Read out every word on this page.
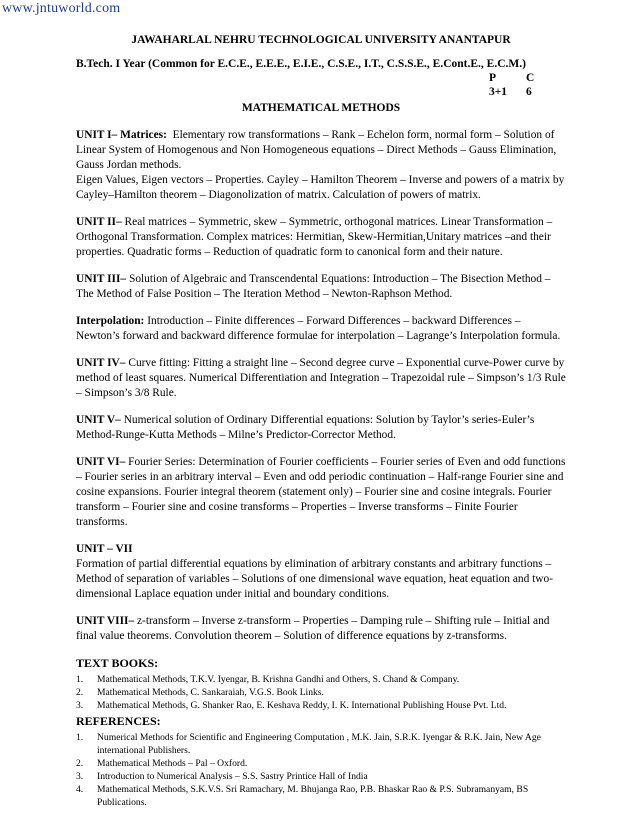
www.jntuworld.com
JAWAHARLAL NEHRU TECHNOLOGICAL UNIVERSITY ANANTAPUR
B.Tech. I Year (Common for E.C.E., E.E.E., E.I.E., C.S.E., I.T., C.S.S.E., E.Cont.E., E.C.M.)
P	C
3+1 6
MATHEMATICAL METHODS

UNIT I– Matrices: Elementary row transformations – Rank – Echelon form, normal form – Solution of Linear System of Homogenous and Non Homogeneous equations – Direct Methods – Gauss Elimination, Gauss Jordan methods.

Eigen Values, Eigen vectors – Properties. Cayley – Hamilton Theorem – Inverse and powers of a matrix by Cayley–Hamilton theorem – Diagonolization of matrix. Calculation of powers of matrix.

UNIT II– Real matrices – Symmetric, skew – Symmetric, orthogonal matrices. Linear Transformation – Orthogonal Transformation. Complex matrices: Hermitian, Skew-Hermitian,Unitary matrices –and their properties. Quadratic forms – Reduction of quadratic form to canonical form and their nature.

UNIT III– Solution of Algebraic and Transcendental Equations: Introduction – The Bisection Method – The Method of False Position – The Iteration Method – Newton-Raphson Method.

Interpolation: Introduction – Finite differences – Forward Differences – backward Differences – Newton’s forward and backward difference formulae for interpolation – Lagrange’s Interpolation formula.

UNIT IV– Curve fitting: Fitting a straight line – Second degree curve – Exponential curve-Power curve by method of least squares. Numerical Differentiation and Integration – Trapezoidal rule – Simpson’s 1/3 Rule – Simpson’s 3/8 Rule.

UNIT V– Numerical solution of Ordinary Differential equations: Solution by Taylor’s series-Euler’s Method-Runge-Kutta Methods – Milne’s Predictor-Corrector Method.

UNIT VI– Fourier Series: Determination of Fourier coefficients – Fourier series of Even and odd functions – Fourier series in an arbitrary interval – Even and odd periodic continuation – Half-range Fourier sine and cosine expansions. Fourier integral theorem (statement only) – Fourier sine and cosine integrals. Fourier transform – Fourier sine and cosine transforms – Properties – Inverse transforms – Finite Fourier transforms.

UNIT – VII

Formation of partial differential equations by elimination of arbitrary constants and arbitrary functions – Method of separation of variables – Solutions of one dimensional wave equation, heat equation and two-dimensional Laplace equation under initial and boundary conditions.

UNIT VIII– z-transform – Inverse z-transform – Properties – Damping rule – Shifting rule – Initial and final value theorems. Convolution theorem – Solution of difference equations by z-transforms.

TEXT BOOKS:
1. Mathematical Methods, T.K.V. Iyengar, B. Krishna Gandhi and Others, S. Chand & Company.
2. Mathematical Methods, C. Sankaraiah, V.G.S. Book Links.
3. Mathematical Methods, G. Shanker Rao, E. Keshava Reddy, I. K. International Publishing House Pvt. Ltd.
REFERENCES:
1. Numerical Methods for Scientific and Engineering Computation , M.K. Jain, S.R.K. Iyengar & R.K. Jain, New Age international Publishers.
2. Mathematical Methods – Pal – Oxford.
3. Introduction to Numerical Analysis – S.S. Sastry Printice Hall of India
4. Mathematical Methods, S.K.V.S. Sri Ramachary, M. Bhujanga Rao, P.B. Bhaskar Rao & P.S. Subramanyam, BS Publications.
